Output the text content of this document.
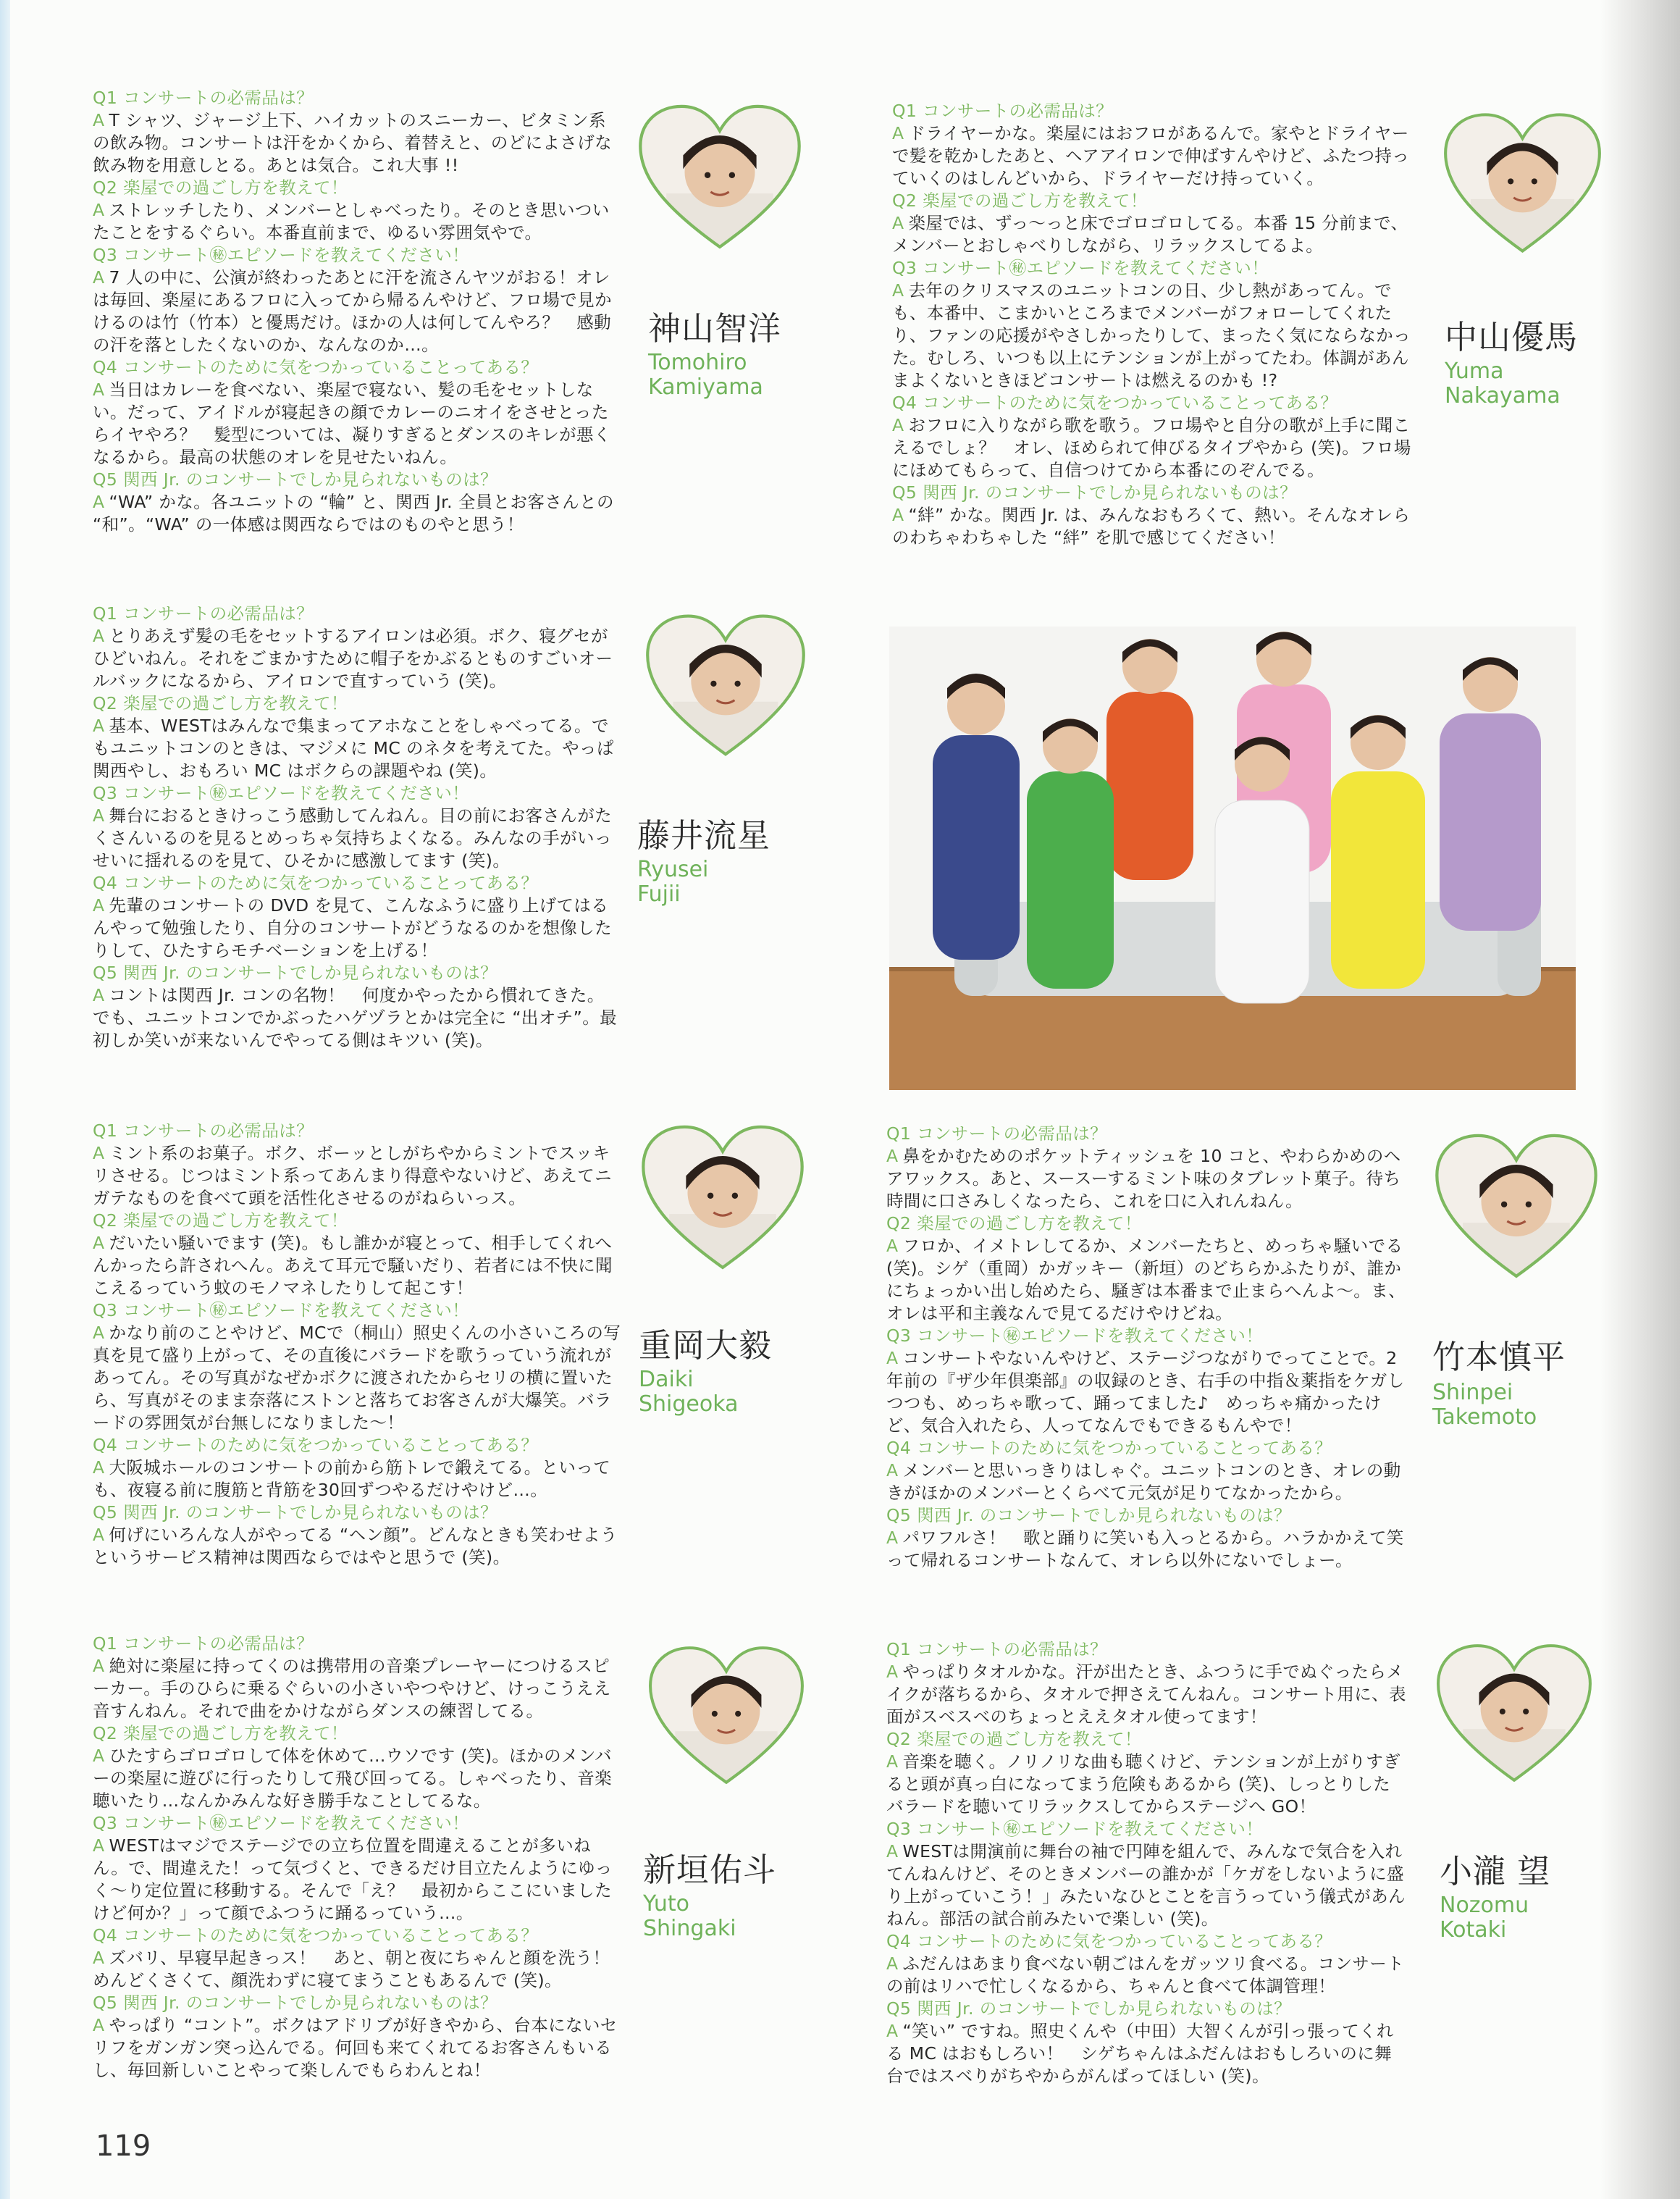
Q1 コンサートの必需品は？
A T シャツ、ジャージ上下、ハイカットのスニーカー、ビタミン系の飲み物。コンサートは汗をかくから、着替えと、のどによさげな飲み物を用意しとる。あとは気合。これ大事 !!
Q2 楽屋での過ごし方を教えて！
A ストレッチしたり、メンバーとしゃべったり。そのとき思いついたことをするぐらい。本番直前まで、ゆるい雰囲気やで。
Q3 コンサート㊙エピソードを教えてください！
A 7 人の中に、公演が終わったあとに汗を流さんヤツがおる！オレは毎回、楽屋にあるフロに入ってから帰るんやけど、フロ場で見かけるのは竹（竹本）と優馬だけ。ほかの人は何してんやろ？　感動の汗を落としたくないのか、なんなのか…。
Q4 コンサートのために気をつかっていることってある？
A 当日はカレーを食べない、楽屋で寝ない、髪の毛をセットしない。だって、アイドルが寝起きの顔でカレーのニオイをさせとったらイヤやろ？　髪型については、凝りすぎるとダンスのキレが悪くなるから。最高の状態のオレを見せたいねん。
Q5 関西 Jr. のコンサートでしか見られないものは？
A “WA” かな。各ユニットの “輪” と、関西 Jr. 全員とお客さんとの “和”。“WA” の一体感は関西ならではのものやと思う！
神山智洋
Tomohiro
Kamiyama
Q1 コンサートの必需品は？
A ドライヤーかな。楽屋にはおフロがあるんで。家やとドライヤーで髪を乾かしたあと、ヘアアイロンで伸ばすんやけど、ふたつ持っていくのはしんどいから、ドライヤーだけ持っていく。
Q2 楽屋での過ごし方を教えて！
A 楽屋では、ずっ〜っと床でゴロゴロしてる。本番 15 分前まで、メンバーとおしゃべりしながら、リラックスしてるよ。
Q3 コンサート㊙エピソードを教えてください！
A 去年のクリスマスのユニットコンの日、少し熱があってん。でも、本番中、こまかいところまでメンバーがフォローしてくれたり、ファンの応援がやさしかったりして、まったく気にならなかった。むしろ、いつも以上にテンションが上がってたわ。体調があんまよくないときほどコンサートは燃えるのかも !?
Q4 コンサートのために気をつかっていることってある？
A おフロに入りながら歌を歌う。フロ場やと自分の歌が上手に聞こえるでしょ？　オレ、ほめられて伸びるタイプやから (笑)。フロ場にほめてもらって、自信つけてから本番にのぞんでる。
Q5 関西 Jr. のコンサートでしか見られないものは？
A “絆” かな。関西 Jr. は、みんなおもろくて、熱い。そんなオレらのわちゃわちゃした “絆” を肌で感じてください！
中山優馬
Yuma
Nakayama
Q1 コンサートの必需品は？
A とりあえず髪の毛をセットするアイロンは必須。ボク、寝グセがひどいねん。それをごまかすために帽子をかぶるとものすごいオールバックになるから、アイロンで直すっていう (笑)。
Q2 楽屋での過ごし方を教えて！
A 基本、WESTはみんなで集まってアホなことをしゃべってる。でもユニットコンのときは、マジメに MC のネタを考えてた。やっぱ関西やし、おもろい MC はボクらの課題やね (笑)。
Q3 コンサート㊙エピソードを教えてください！
A 舞台におるときけっこう感動してんねん。目の前にお客さんがたくさんいるのを見るとめっちゃ気持ちよくなる。みんなの手がいっせいに揺れるのを見て、ひそかに感激してます (笑)。
Q4 コンサートのために気をつかっていることってある？
A 先輩のコンサートの DVD を見て、こんなふうに盛り上げてはるんやって勉強したり、自分のコンサートがどうなるのかを想像したりして、ひたすらモチベーションを上げる！
Q5 関西 Jr. のコンサートでしか見られないものは？
A コントは関西 Jr. コンの名物！　何度かやったから慣れてきた。でも、ユニットコンでかぶったハゲヅラとかは完全に “出オチ”。最初しか笑いが来ないんでやってる側はキツい (笑)。
藤井流星
Ryusei
Fujii
Q1 コンサートの必需品は？
A ミント系のお菓子。ボク、ボーッとしがちやからミントでスッキリさせる。じつはミント系ってあんまり得意やないけど、あえてニガテなものを食べて頭を活性化させるのがねらいっス。
Q2 楽屋での過ごし方を教えて！
A だいたい騒いでます (笑)。もし誰かが寝とって、相手してくれへんかったら許されへん。あえて耳元で騒いだり、若者には不快に聞こえるっていう蚊のモノマネしたりして起こす！
Q3 コンサート㊙エピソードを教えてください！
A かなり前のことやけど、MCで（桐山）照史くんの小さいころの写真を見て盛り上がって、その直後にバラードを歌うっていう流れがあってん。その写真がなぜかボクに渡されたからセリの横に置いたら、写真がそのまま奈落にストンと落ちてお客さんが大爆笑。バラードの雰囲気が台無しになりました〜！
Q4 コンサートのために気をつかっていることってある？
A 大阪城ホールのコンサートの前から筋トレで鍛えてる。といっても、夜寝る前に腹筋と背筋を30回ずつやるだけやけど…。
Q5 関西 Jr. のコンサートでしか見られないものは？
A 何げにいろんな人がやってる “ヘン顔”。どんなときも笑わせようというサービス精神は関西ならではやと思うで (笑)。
重岡大毅
Daiki
Shigeoka
Q1 コンサートの必需品は？
A 鼻をかむためのポケットティッシュを 10 コと、やわらかめのヘアワックス。あと、スースーするミント味のタブレット菓子。待ち時間に口さみしくなったら、これを口に入れんねん。
Q2 楽屋での過ごし方を教えて！
A フロか、イメトレしてるか、メンバーたちと、めっちゃ騒いでる (笑)。シゲ（重岡）かガッキー（新垣）のどちらかふたりが、誰かにちょっかい出し始めたら、騒ぎは本番まで止まらへんよ〜。ま、オレは平和主義なんで見てるだけやけどね。
Q3 コンサート㊙エピソードを教えてください！
A コンサートやないんやけど、ステージつながりでってことで。2 年前の『ザ少年倶楽部』の収録のとき、右手の中指＆薬指をケガしつつも、めっちゃ歌って、踊ってました♪　めっちゃ痛かったけど、気合入れたら、人ってなんでもできるもんやで！
Q4 コンサートのために気をつかっていることってある？
A メンバーと思いっきりはしゃぐ。ユニットコンのとき、オレの動きがほかのメンバーとくらべて元気が足りてなかったから。
Q5 関西 Jr. のコンサートでしか見られないものは？
A パワフルさ！　歌と踊りに笑いも入っとるから。ハラかかえて笑って帰れるコンサートなんて、オレら以外にないでしょー。
竹本慎平
Shinpei
Takemoto
Q1 コンサートの必需品は？
A 絶対に楽屋に持ってくのは携帯用の音楽プレーヤーにつけるスピーカー。手のひらに乗るぐらいの小さいやつやけど、けっこうええ音すんねん。それで曲をかけながらダンスの練習してる。
Q2 楽屋での過ごし方を教えて！
A ひたすらゴロゴロして体を休めて…ウソです (笑)。ほかのメンバーの楽屋に遊びに行ったりして飛び回ってる。しゃべったり、音楽聴いたり…なんかみんな好き勝手なことしてるな。
Q3 コンサート㊙エピソードを教えてください！
A WESTはマジでステージでの立ち位置を間違えることが多いねん。で、間違えた！って気づくと、できるだけ目立たんようにゆっく〜り定位置に移動する。そんで「え？　最初からここにいましたけど何か？」って顔でふつうに踊るっていう…。
Q4 コンサートのために気をつかっていることってある？
A ズバリ、早寝早起きっス！　あと、朝と夜にちゃんと顔を洗う！　めんどくさくて、顔洗わずに寝てまうこともあるんで (笑)。
Q5 関西 Jr. のコンサートでしか見られないものは？
A やっぱり “コント”。ボクはアドリブが好きやから、台本にないセリフをガンガン突っ込んでる。何回も来てくれてるお客さんもいるし、毎回新しいことやって楽しんでもらわんとね！
新垣佑斗
Yuto
Shingaki
Q1 コンサートの必需品は？
A やっぱりタオルかな。汗が出たとき、ふつうに手でぬぐったらメイクが落ちるから、タオルで押さえてんねん。コンサート用に、表面がスベスベのちょっとええタオル使ってます！
Q2 楽屋での過ごし方を教えて！
A 音楽を聴く。ノリノリな曲も聴くけど、テンションが上がりすぎると頭が真っ白になってまう危険もあるから (笑)、しっとりしたバラードを聴いてリラックスしてからステージへ GO！
Q3 コンサート㊙エピソードを教えてください！
A WESTは開演前に舞台の袖で円陣を組んで、みんなで気合を入れてんねんけど、そのときメンバーの誰かが「ケガをしないように盛り上がっていこう！」みたいなひとことを言うっていう儀式があんねん。部活の試合前みたいで楽しい (笑)。
Q4 コンサートのために気をつかっていることってある？
A ふだんはあまり食べない朝ごはんをガッツリ食べる。コンサートの前はリハで忙しくなるから、ちゃんと食べて体調管理！
Q5 関西 Jr. のコンサートでしか見られないものは？
A “笑い” ですね。照史くんや（中田）大智くんが引っ張ってくれる MC はおもしろい！　シゲちゃんはふだんはおもしろいのに舞台ではスベりがちやからがんばってほしい (笑)。
小瀧 望
Nozomu
Kotaki
119
